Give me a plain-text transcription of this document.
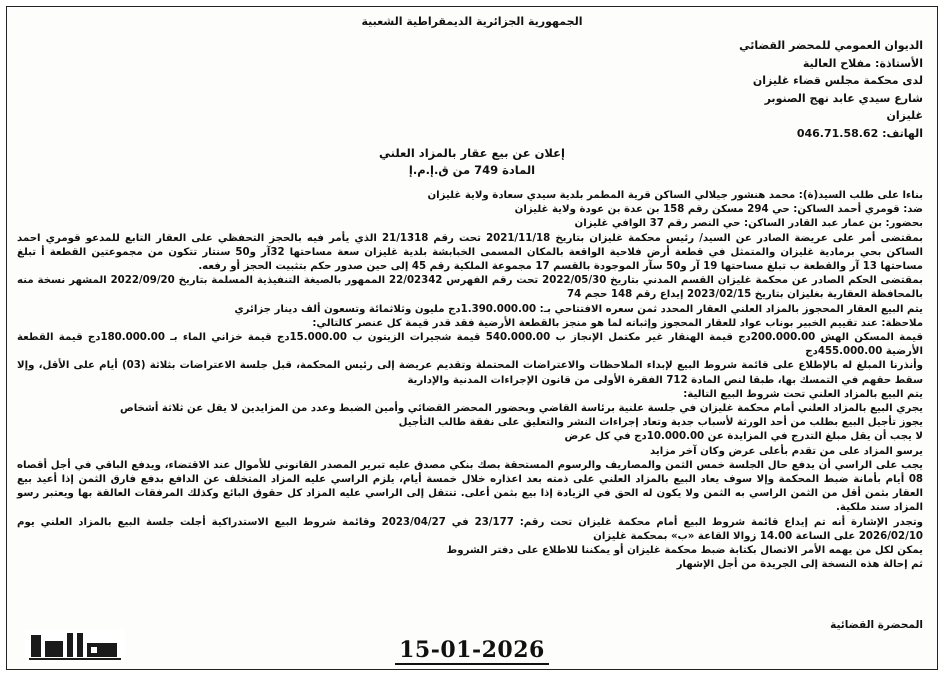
الجمهورية الجزائرية الديمقراطية الشعبية
الديوان العمومي للمحضر القضائي
الأستاذة: مفلاح العالية
لدى محكمة مجلس قضاء غليزان
شارع سيدي عابد نهج الصنوبر
غليزان
الهاتف: 046.71.58.62
إعلان عن بيع عقار بالمزاد العلني
المادة 749 من ق.إ.م.إ

بناءا على طلب السيد(ة): محمد هنشور جيلالي الساكن قرية المطمر بلدية سيدي سعادة ولاية غليزان

ضد: قومري أحمد الساكن: حي 294 مسكن رقم 158 بن عدة بن عودة ولاية غليزان

بحضور: بن عمار عبد القادر الساكن: حي النصر رقم 37 الوافي غليزان

بمقتضى أمر على عريضة الصادر عن السيد/ رئيس محكمة غليزان بتاريخ 2021/11/18 تحت رقم 21/1318 الذي يأمر فيه بالحجز التحفظي على العقار التابع للمدعو قومري احمد الساكن بحي برمادية غليزان والمتمثل في قطعة أرض فلاحية الواقعة بالمكان المسمى الخبابشة بلدية غليزان سعة مساحتها 32آر و50 سنتار تتكون من مجموعتين القطعة أ تبلغ مساحتها 13 آر والقطعة ب تبلغ مساحتها 19 آر و50 سآر الموجودة بالقسم 17 مجموعة الملكية رقم 45 إلى حين صدور حكم بتثبيت الحجز أو رفعه.

بمقتضى الحكم الصادر عن محكمة غليزان القسم المدني بتاريخ 2022/05/30 تحت رقم الفهرس 22/02342 الممهور بالصيغة التنفيذية المسلمة بتاريخ 2022/09/20 المشهر نسخة منه بالمحافظة العقارية بغليزان بتاريخ 2023/02/15 إيداع رقم 148 حجم 74

يتم البيع العقار المحجوز بالمزاد العلني العقار المحدد ثمن سعره الافتتاحي بـ: 1.390.000.00دج مليون وثلاثمائة وتسعون ألف دينار جزائري

ملاحظة: عند تقييم الخبير بوناب عواد للعقار المحجوز وإثباته لما هو منجز بالقطعة الأرضية فقد قدر قيمة كل عنصر كالتالي:

قيمة المسكن الهش 200.000.00دج قيمة الهنقار غير مكتمل الإنجاز ب 540.000.00 قيمة شجيرات الزيتون ب 15.000.00دج قيمة خزاني الماء بـ 180.000.00دج قيمة القطعة الأرضية 455.000.00دج

وأنذرنا المبلغ له بالإطلاع على قائمة شروط البيع لإبداء الملاحظات والاعتراضات المحتملة وتقديم عريضة إلى رئيس المحكمة، قبل جلسة الاعتراضات بثلاثة (03) أيام على الأقل، وإلا سقط حقهم في التمسك بها، طبقا لنص المادة 712 الفقرة الأولى من قانون الإجراءات المدنية والإدارية

يتم البيع بالمزاد العلني تحت شروط البيع التالية:

يجري البيع بالمزاد العلني أمام محكمة غليزان في جلسة علنية برئاسة القاضي وبحضور المحضر القضائي وأمين الضبط وعدد من المزايدين لا يقل عن ثلاثة أشخاص

يجوز تأجيل البيع بطلب من أحد الورثة لأسباب جدية وتعاد إجراءات النشر والتعليق على نفقة طالب التأجيل

لا يجب أن يقل مبلغ التدرج في المزايدة عن 10.000.00دج في كل عرض

يرسو المزاد على من تقدم بأعلى عرض وكان آخر مزايد

يجب على الراسي أن يدفع حال الجلسة خمس الثمن والمصاريف والرسوم المستحقة بصك بنكي مصدق عليه تبرير المصدر القانوني للأموال عند الاقتضاء، ويدفع الباقي في أجل أقصاه 08 أيام بأمانة ضبط المحكمة وإلا سوف يعاد البيع بالمزاد العلني على ذمته بعد اعذاره خلال خمسة أيام، يلزم الراسي عليه المزاد المتخلف عن الدافع بدفع فارق الثمن إذا أعيد بيع العقار بثمن أقل من الثمن الراسي به الثمن ولا يكون له الحق في الزيادة إذا بيع بثمن أعلى. تنتقل إلى الراسي عليه المزاد كل حقوق البائع وكذلك المرفقات العالقة بها ويعتبر رسو المزاد سند ملكية.

وتجدر الإشارة أنه تم إيداع قائمة شروط البيع أمام محكمة غليزان تحت رقم: 23/177 في 2023/04/27 وقائمة شروط البيع الاستدراكية أجلت جلسة البيع بالمزاد العلني يوم 2026/02/10 على الساعة 14.00 زوالا القاعة «ب» بمحكمة غليزان

يمكن لكل من يهمه الأمر الاتصال بكتابة ضبط محكمة غليزان أو يمكننا للاطلاع على دفتر الشروط

ثم إحالة هذه النسخة إلى الجريدة من أجل الإشهار

المحضرة القضائية
15-01-2026
